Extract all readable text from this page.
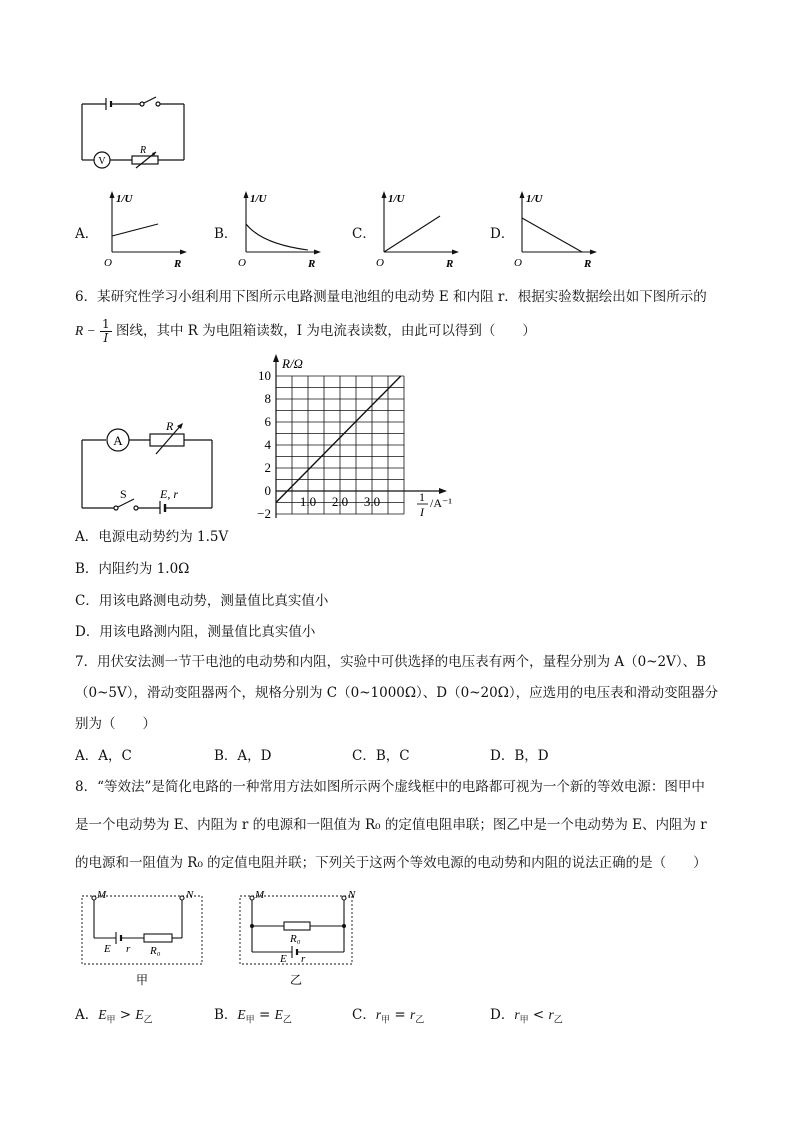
V
R
A．	B．	C．	D．
1/U
O	R
1/U
O	R
1/U
O	R
1/U
O	R
6．某研究性学习小组利用下图所示电路测量电池组的电动势 E 和内阻 r．根据实验数据绘出如下图所示的
$R - \frac{1}{I}$ 图线，其中 R 为电阻箱读数，I 为电流表读数，由此可以得到（　　）
A
R
S	E, r
10
8
6
4
2
0
−2
1.0 2.0 3.0
R/Ω
1
I
/A⁻¹
A．电源电动势约为 1.5V
B．内阻约为 1.0Ω
C．用该电路测电动势，测量值比真实值小
D．用该电路测内阻，测量值比真实值小
7．用伏安法测一节干电池的电动势和内阻，实验中可供选择的电压表有两个，量程分别为 A（0~2V）、B
（0~5V），滑动变阻器两个，规格分别为 C（0~1000Ω）、D（0~20Ω），应选用的电压表和滑动变阻器分
别为（　　）
A．A，C	B．A，D	C．B，C	D．B，D
8．“等效法”是简化电路的一种常用方法如图所示两个虚线框中的电路都可视为一个新的等效电源：图甲中
是一个电动势为 E、内阻为 r 的电源和一阻值为 R₀ 的定值电阻串联；图乙中是一个电动势为 E、内阻为 r
的电源和一阻值为 R₀ 的定值电阻并联；下列关于这两个等效电源的电动势和内阻的说法正确的是（　　）
M	N
E r R₀
甲
M	N
R₀
E r
乙
A．$E_甲 > E_乙$	B．$E_甲 = E_乙$	C．$r_甲 = r_乙$	D．$r_甲 < r_乙$
